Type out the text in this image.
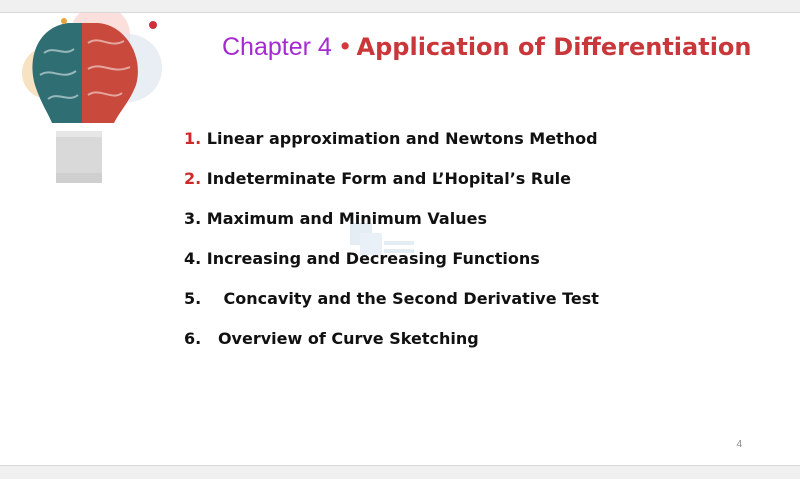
Chapter 4 • Application of Differentiation
1.
Linear approximation and Newtons Method
2.
Indeterminate Form and L’Hopital’s Rule
3.
Maximum and Minimum Values
4.
Increasing and Decreasing Functions
5.
Concavity and the Second Derivative Test
6.
Overview of Curve Sketching
4
